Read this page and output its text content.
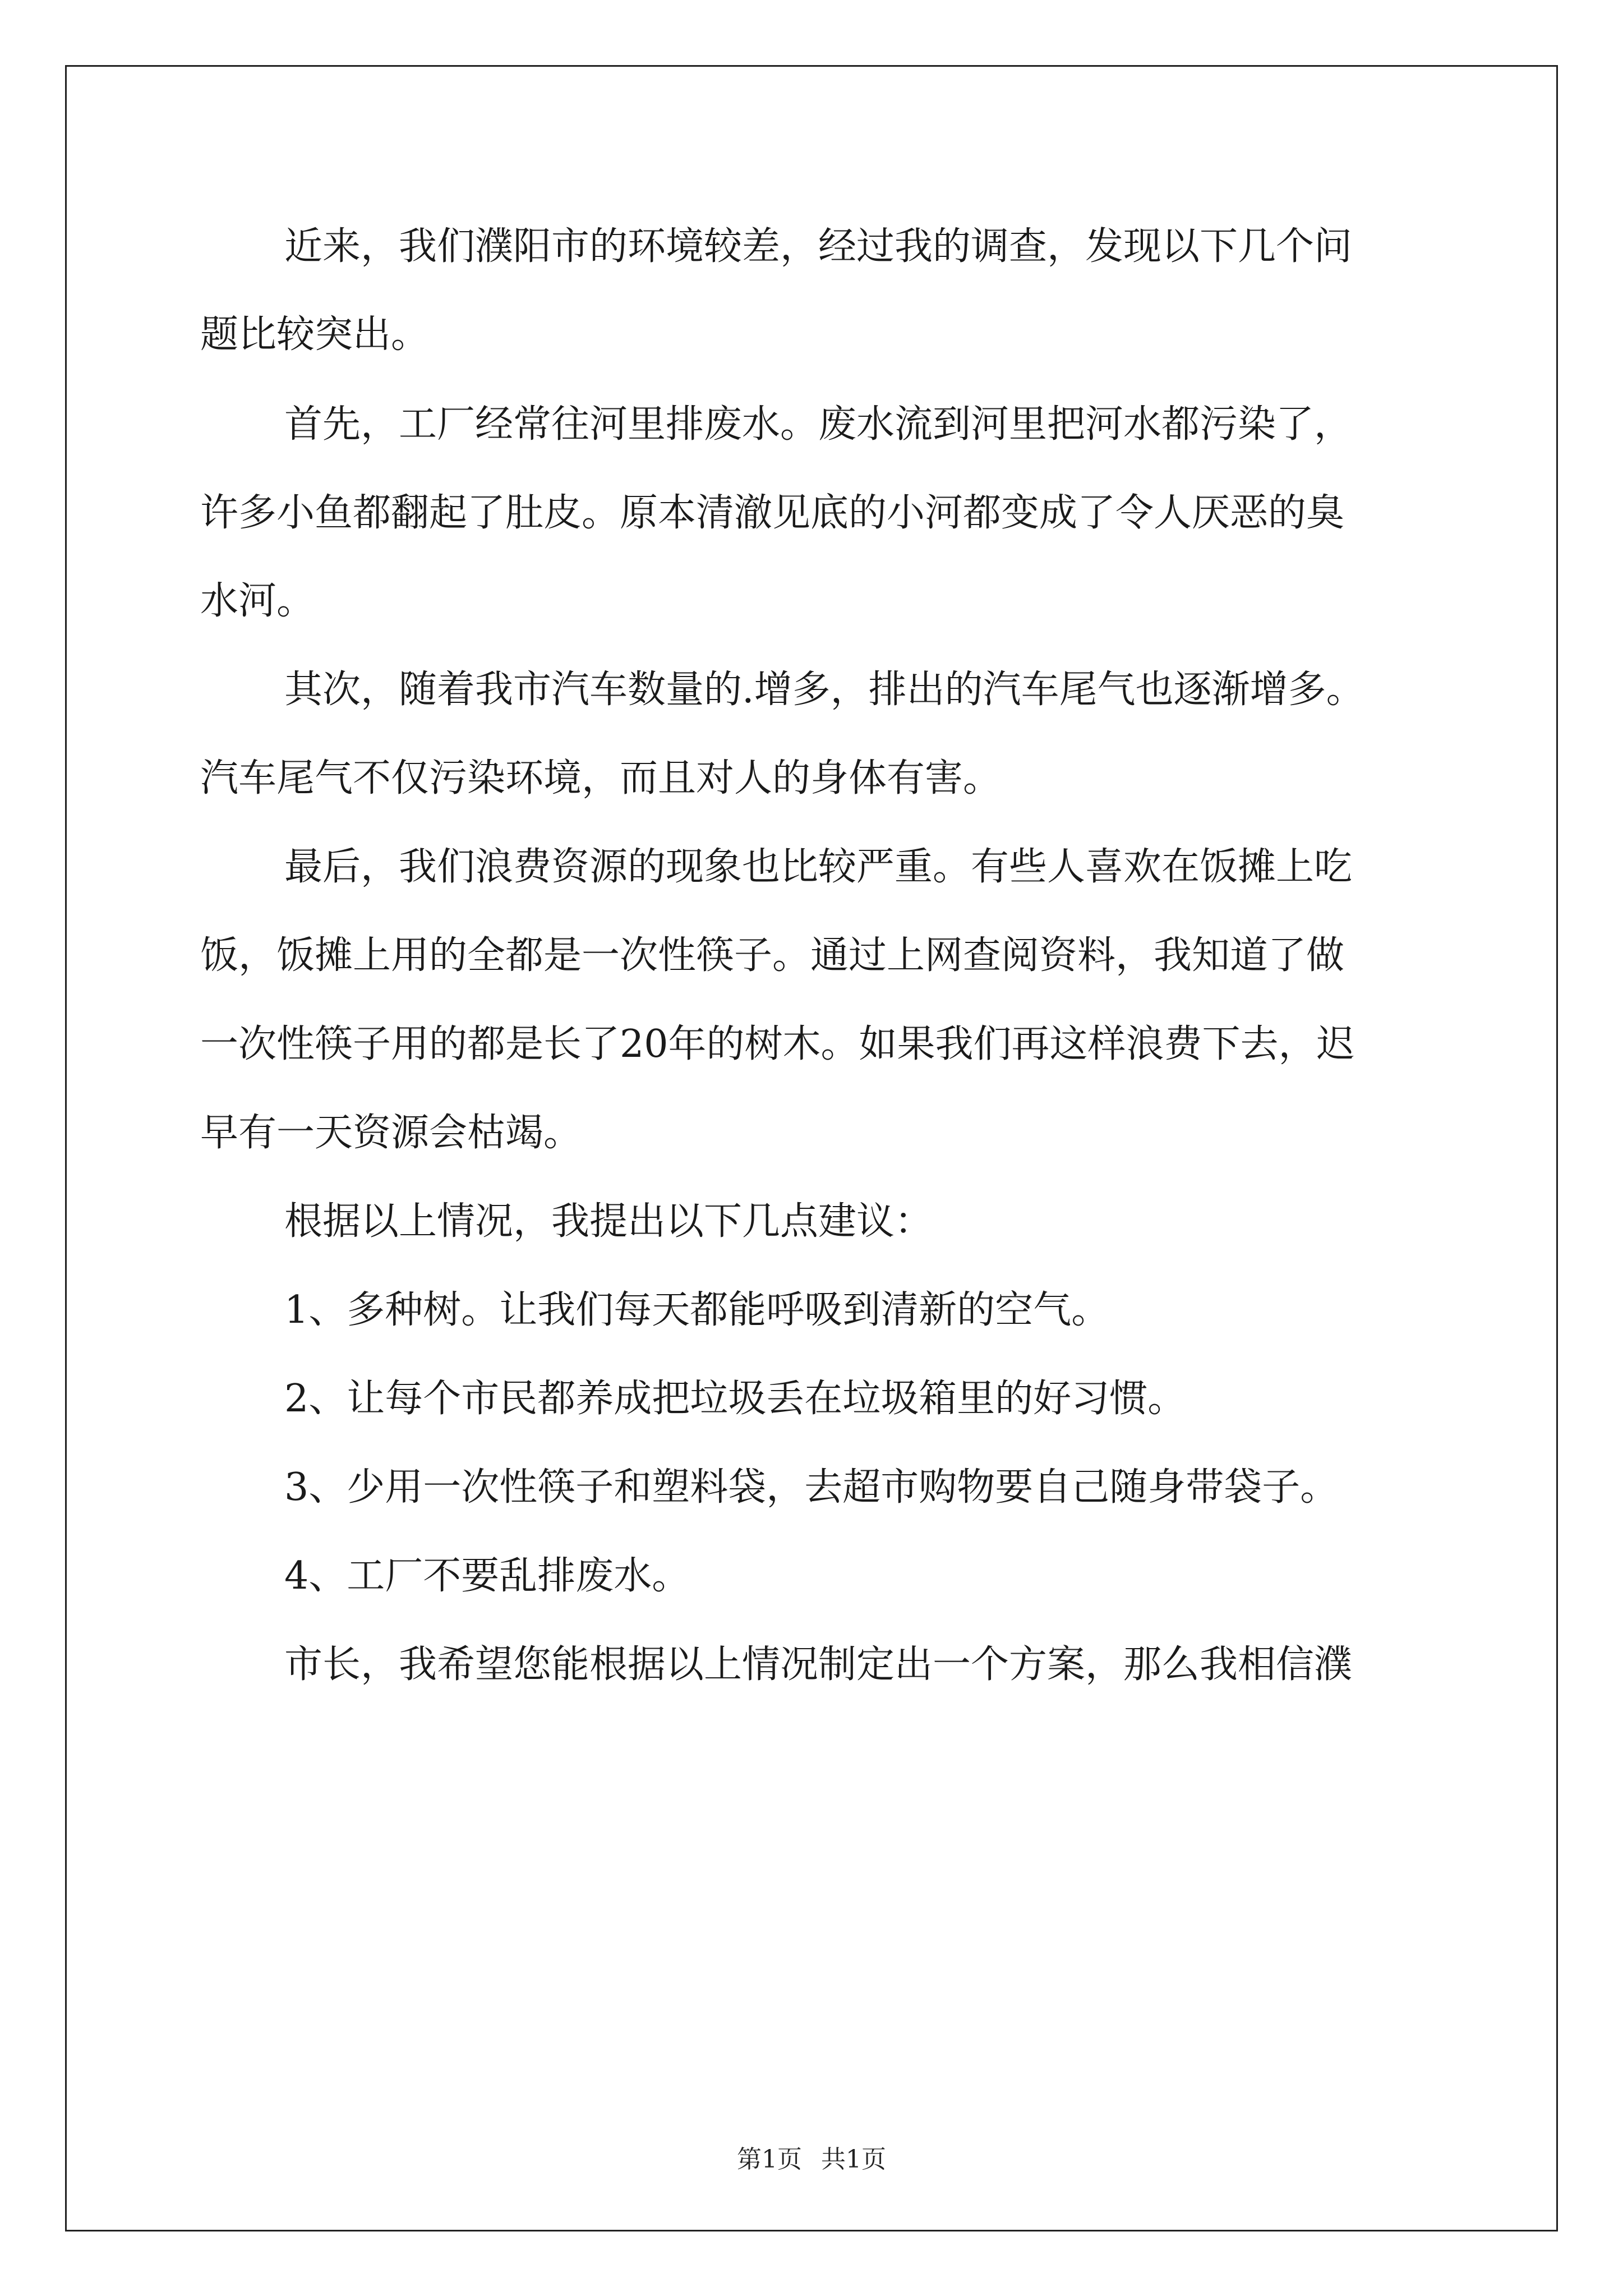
近来，我们濮阳市的环境较差，经过我的调查，发现以下几个问
题比较突出。
首先，工厂经常往河里排废水。废水流到河里把河水都污染了，
许多小鱼都翻起了肚皮。原本清澈见底的小河都变成了令人厌恶的臭
水河。
其次，随着我市汽车数量的.增多，排出的汽车尾气也逐渐增多。
汽车尾气不仅污染环境，而且对人的身体有害。
最后，我们浪费资源的现象也比较严重。有些人喜欢在饭摊上吃
饭，饭摊上用的全都是一次性筷子。通过上网查阅资料，我知道了做
一次性筷子用的都是长了20年的树木。如果我们再这样浪费下去，迟
早有一天资源会枯竭。
根据以上情况，我提出以下几点建议：
1、多种树。让我们每天都能呼吸到清新的空气。
2、让每个市民都养成把垃圾丢在垃圾箱里的好习惯。
3、少用一次性筷子和塑料袋，去超市购物要自己随身带袋子。
4、工厂不要乱排废水。
市长，我希望您能根据以上情况制定出一个方案，那么我相信濮
第1页 共1页
